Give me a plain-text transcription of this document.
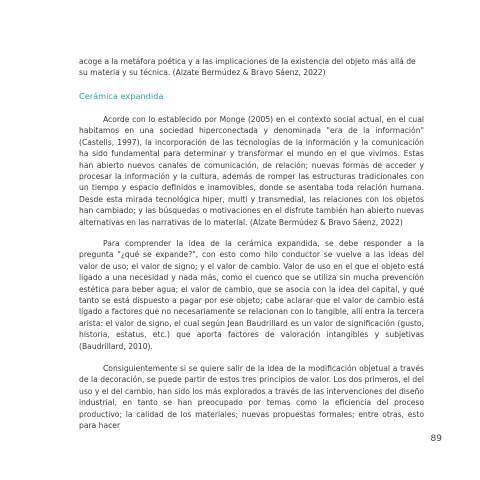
acoge a la metáfora poética y a las implicaciones de la existencia del objeto más allá de su materia y su técnica. (Alzate Bermúdez & Bravo Sáenz, 2022)

Cerámica expandida

Acorde con lo establecido por Monge (2005) en el contexto social actual, en el cual habitamos en una sociedad hiperconectada y denominada "era de la información" (Castells, 1997), la incorporación de las tecnologías de la información y la comunicación ha sido fundamental para determinar y transformar el mundo en el que vivimos. Estas han abierto nuevos canales de comunicación, de relación; nuevas formas de acceder y procesar la información y la cultura, además de romper las estructuras tradicionales con un tiempo y espacio definidos e inamovibles, donde se asentaba toda relación humana. Desde esta mirada tecnológica hiper, multi y transmedial, las relaciones con los objetos han cambiado; y las búsquedas o motivaciones en el disfrute también han abierto nuevas alternativas en las narrativas de lo material. (Alzate Bermúdez & Bravo Sáenz, 2022)

Para comprender la idea de la cerámica expandida, se debe responder a la pregunta "¿qué se expande?", con esto como hilo conductor se vuelve a las ideas del valor de uso; el valor de signo; y el valor de cambio. Valor de uso en el que el objeto está ligado a una necesidad y nada más, como el cuenco que se utiliza sin mucha prevención estética para beber agua; el valor de cambio, que se asocia con la idea del capital, y qué tanto se está dispuesto a pagar por ese objeto; cabe aclarar que el valor de cambio está ligado a factores que no necesariamente se relacionan con lo tangible, allí entra la tercera arista: el valor de signo, el cual según Jean Baudrillard es un valor de significación (gusto, historia, estatus, etc.) que aporta factores de valoración intangibles y subjetivas (Baudrillard, 2010).

Consiguientemente si se quiere salir de la idea de la modificación objetual a través de la decoración, se puede partir de estos tres principios de valor. Los dos primeros, el del uso y el del cambio, han sido los más explorados a través de las intervenciones del diseño industrial, en tanto se han preocupado por temas como la eficiencia del proceso productivo; la calidad de los materiales; nuevas propuestas formales; entre otras, esto para hacer

89
